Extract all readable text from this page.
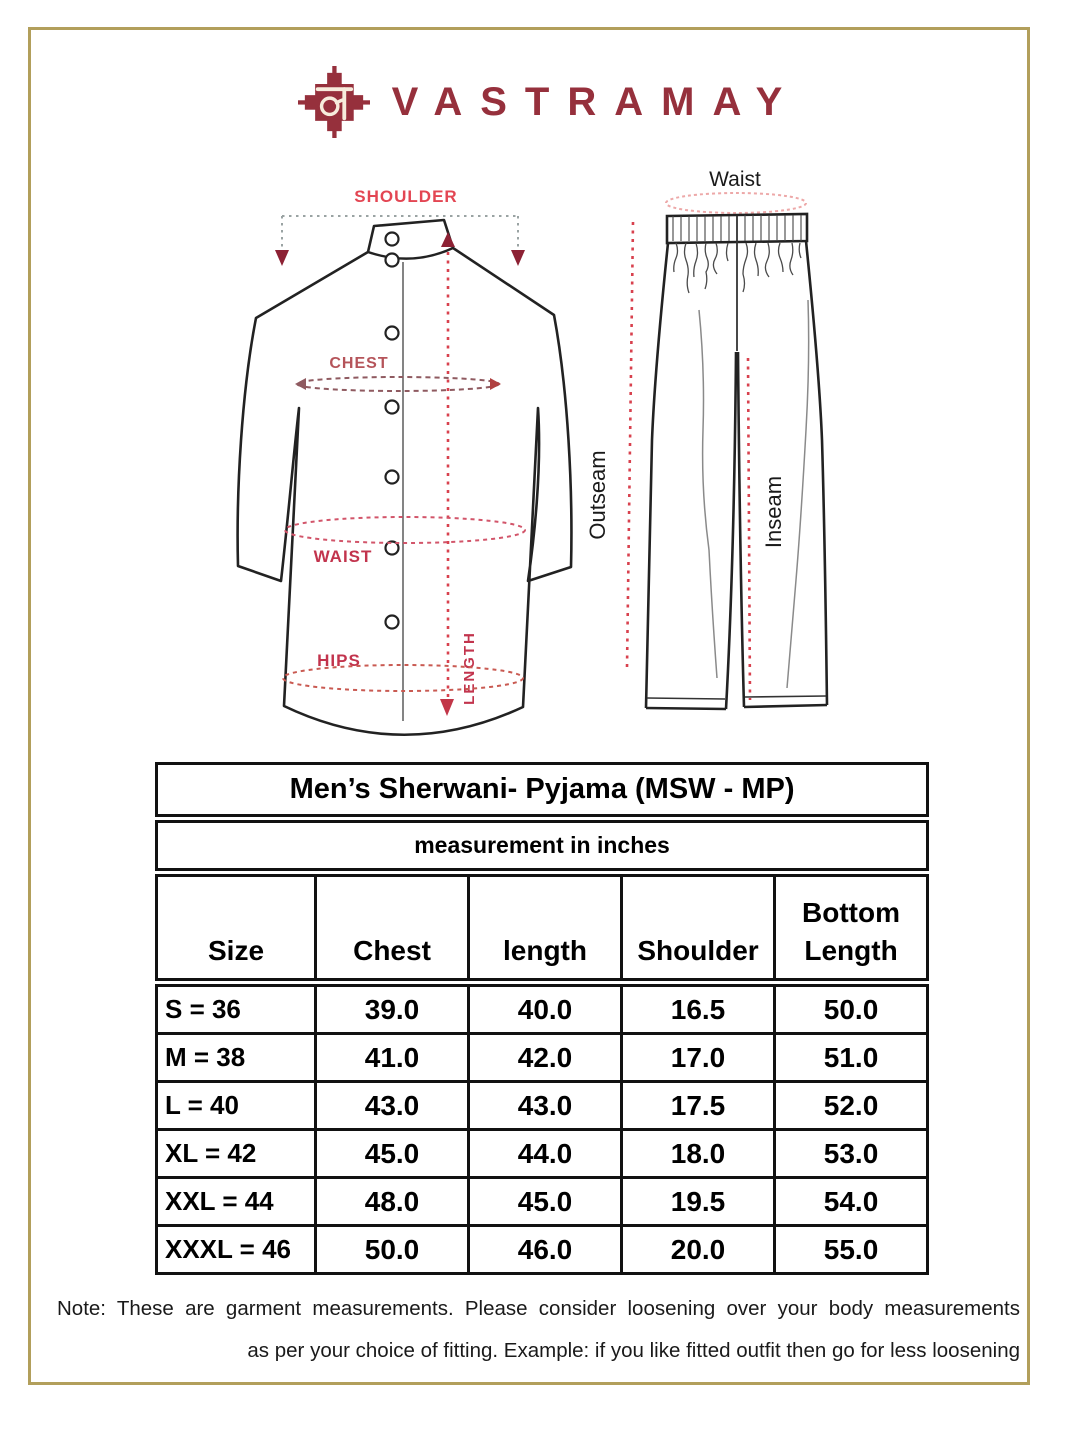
VASTRAMAY
SHOULDER
LENGTH
CHEST
WAIST
HIPS
Waist
Outseam	Inseam
Men’s Sherwani- Pyjama (MSW - MP)				
measurement in inches				
Size	Chest	length	Shoulder	Bottom Length
S = 36	39.0	40.0	16.5	50.0
M = 38	41.0	42.0	17.0	51.0
L = 40	43.0	43.0	17.5	52.0
XL = 42	45.0	44.0	18.0	53.0
XXL = 44	48.0	45.0	19.5	54.0
XXXL = 46	50.0	46.0	20.0	55.0
Note: These are garment measurements. Please consider loosening over your body measurements
as per your choice of fitting. Example: if you like fitted outfit then go for less loosening
